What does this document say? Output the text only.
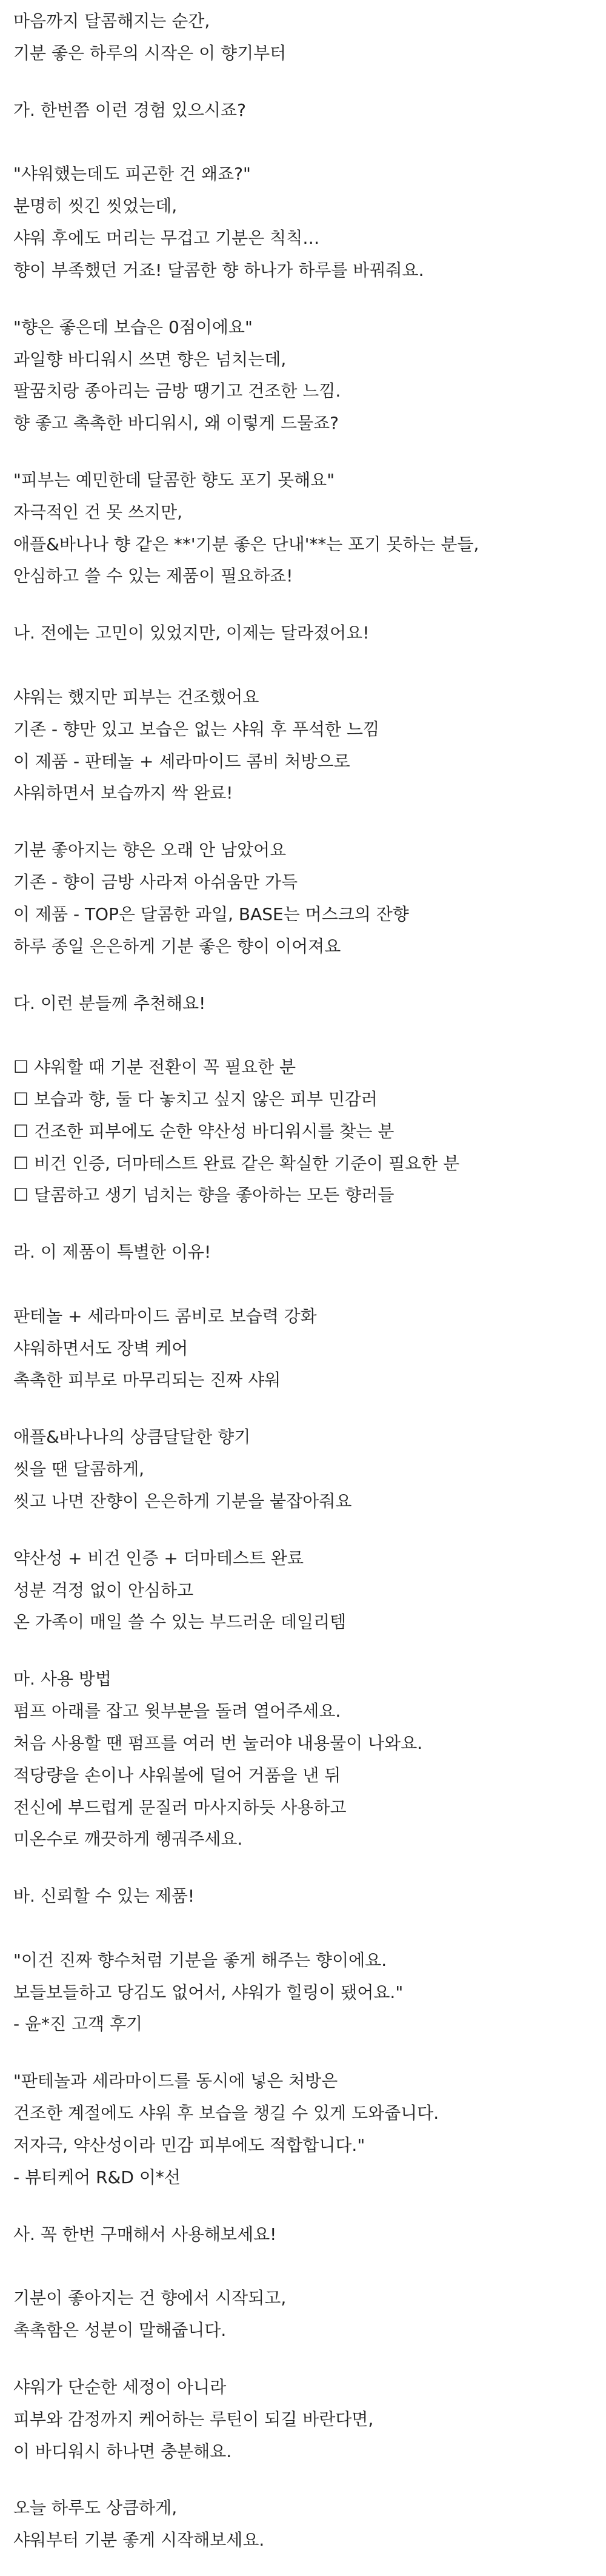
마음까지 달콤해지는 순간,

기분 좋은 하루의 시작은 이 향기부터

가. 한번쯤 이런 경험 있으시죠?

"샤워했는데도 피곤한 건 왜죠?"

분명히 씻긴 씻었는데,

샤워 후에도 머리는 무겁고 기분은 칙칙…

향이 부족했던 거죠! 달콤한 향 하나가 하루를 바꿔줘요.

"향은 좋은데 보습은 0점이에요"

과일향 바디워시 쓰면 향은 넘치는데,

팔꿈치랑 종아리는 금방 땡기고 건조한 느낌.

향 좋고 촉촉한 바디워시, 왜 이렇게 드물죠?

"피부는 예민한데 달콤한 향도 포기 못해요"

자극적인 건 못 쓰지만,

애플&바나나 향 같은 **'기분 좋은 단내'**는 포기 못하는 분들,

안심하고 쓸 수 있는 제품이 필요하죠!

나. 전에는 고민이 있었지만, 이제는 달라졌어요!

샤워는 했지만 피부는 건조했어요

기존 - 향만 있고 보습은 없는 샤워 후 푸석한 느낌

이 제품 - 판테놀 + 세라마이드 콤비 처방으로

샤워하면서 보습까지 싹 완료!

기분 좋아지는 향은 오래 안 남았어요

기존 - 향이 금방 사라져 아쉬움만 가득

이 제품 - TOP은 달콤한 과일, BASE는 머스크의 잔향

하루 종일 은은하게 기분 좋은 향이 이어져요

다. 이런 분들께 추천해요!

☐ 샤워할 때 기분 전환이 꼭 필요한 분

☐ 보습과 향, 둘 다 놓치고 싶지 않은 피부 민감러

☐ 건조한 피부에도 순한 약산성 바디워시를 찾는 분

☐ 비건 인증, 더마테스트 완료 같은 확실한 기준이 필요한 분

☐ 달콤하고 생기 넘치는 향을 좋아하는 모든 향러들

라. 이 제품이 특별한 이유!

판테놀 + 세라마이드 콤비로 보습력 강화

샤워하면서도 장벽 케어

촉촉한 피부로 마무리되는 진짜 샤워

애플&바나나의 상큼달달한 향기

씻을 땐 달콤하게,

씻고 나면 잔향이 은은하게 기분을 붙잡아줘요

약산성 + 비건 인증 + 더마테스트 완료

성분 걱정 없이 안심하고

온 가족이 매일 쓸 수 있는 부드러운 데일리템

마. 사용 방법

펌프 아래를 잡고 윗부분을 돌려 열어주세요.

처음 사용할 땐 펌프를 여러 번 눌러야 내용물이 나와요.

적당량을 손이나 샤워볼에 덜어 거품을 낸 뒤

전신에 부드럽게 문질러 마사지하듯 사용하고

미온수로 깨끗하게 헹궈주세요.

바. 신뢰할 수 있는 제품!

"이건 진짜 향수처럼 기분을 좋게 해주는 향이에요.

보들보들하고 당김도 없어서, 샤워가 힐링이 됐어요."

- 윤*진 고객 후기

"판테놀과 세라마이드를 동시에 넣은 처방은

건조한 계절에도 샤워 후 보습을 챙길 수 있게 도와줍니다.

저자극, 약산성이라 민감 피부에도 적합합니다."

- 뷰티케어 R&D 이*선

사. 꼭 한번 구매해서 사용해보세요!

기분이 좋아지는 건 향에서 시작되고,

촉촉함은 성분이 말해줍니다.

샤워가 단순한 세정이 아니라

피부와 감정까지 케어하는 루틴이 되길 바란다면,

이 바디워시 하나면 충분해요.

오늘 하루도 상큼하게,

샤워부터 기분 좋게 시작해보세요.
